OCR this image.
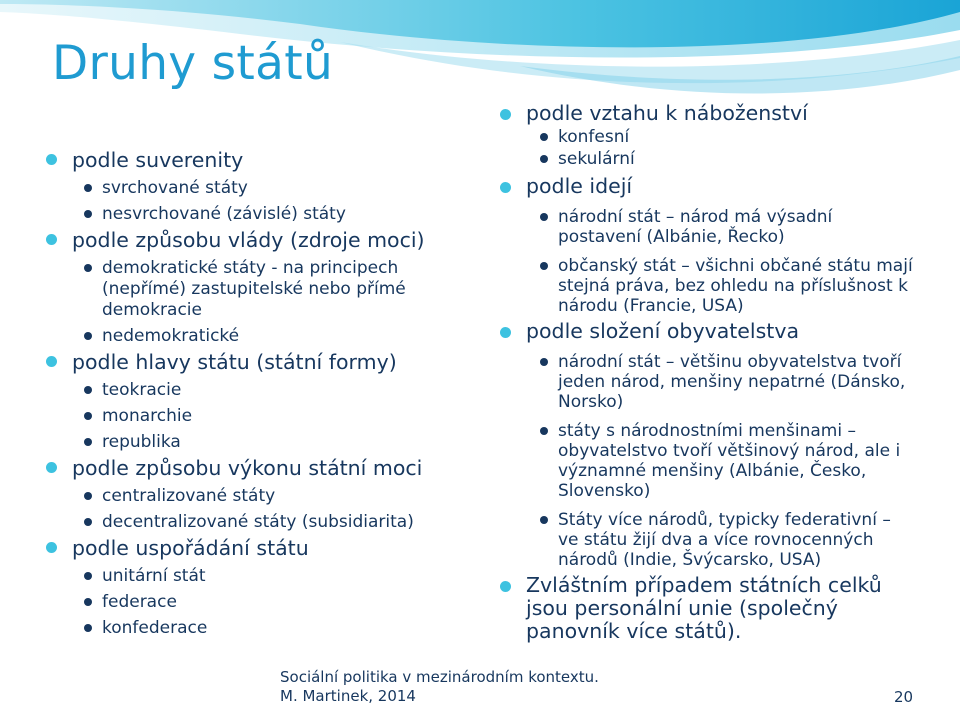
Druhy států
podle suverenity
svrchované státy
nesvrchované (závislé) státy
podle způsobu vlády (zdroje moci)
demokratické státy - na principech (nepřímé) zastupitelské nebo přímé demokracie
nedemokratické
podle hlavy státu (státní formy)
teokracie
monarchie
republika
podle způsobu výkonu státní moci
centralizované státy
decentralizované státy (subsidiarita)
podle uspořádání státu
unitární stát
federace
konfederace
podle vztahu k náboženství
konfesní
sekulární
podle idejí
národní stát – národ má výsadní postavení (Albánie, Řecko)
občanský stát – všichni občané státu mají stejná práva, bez ohledu na příslušnost k národu (Francie, USA)
podle složení obyvatelstva
národní stát – většinu obyvatelstva tvoří jeden národ, menšiny nepatrné (Dánsko, Norsko)
státy s národnostními menšinami – obyvatelstvo tvoří většinový národ, ale i významné menšiny (Albánie, Česko, Slovensko)
Státy více národů, typicky federativní – ve státu žijí dva a více rovnocenných národů (Indie, Švýcarsko, USA)
Zvláštním případem státních celků jsou personální unie (společný panovník více států).
Sociální politika v mezinárodním kontextu.
M. Martinek, 2014	20
